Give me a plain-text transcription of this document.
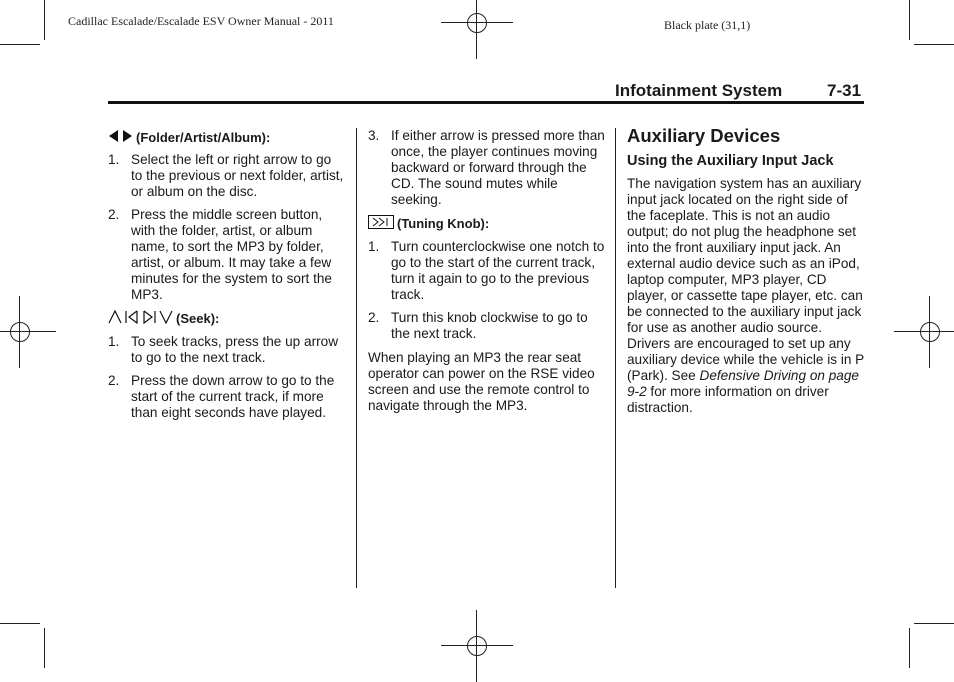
Cadillac Escalade/Escalade ESV Owner Manual - 2011	Black plate (31,1)
Infotainment System	7-31
(Folder/Artist/Album):
1. Select the left or right arrow to go to the previous or next folder, artist, or album on the disc.
2. Press the middle screen button, with the folder, artist, or album name, to sort the MP3 by folder, artist, or album. It may take a few minutes for the system to sort the MP3.
(Seek):
1. To seek tracks, press the up arrow to go to the next track.
2. Press the down arrow to go to the start of the current track, if more than eight seconds have played.
3. If either arrow is pressed more than once, the player continues moving backward or forward through the CD. The sound mutes while seeking.
(Tuning Knob):
1. Turn counterclockwise one notch to go to the start of the current track, turn it again to go to the previous track.
2. Turn this knob clockwise to go to the next track.

When playing an MP3 the rear seat operator can power on the RSE video screen and use the remote control to navigate through the MP3.

Auxiliary Devices
Using the Auxiliary Input Jack

The navigation system has an auxiliary input jack located on the right side of the faceplate. This is not an audio output; do not plug the headphone set into the front auxiliary input jack. An external audio device such as an iPod, laptop computer, MP3 player, CD player, or cassette tape player, etc. can be connected to the auxiliary input jack for use as another audio source.

Drivers are encouraged to set up any auxiliary device while the vehicle is in P (Park). See Defensive Driving on page 9-2 for more information on driver distraction.
